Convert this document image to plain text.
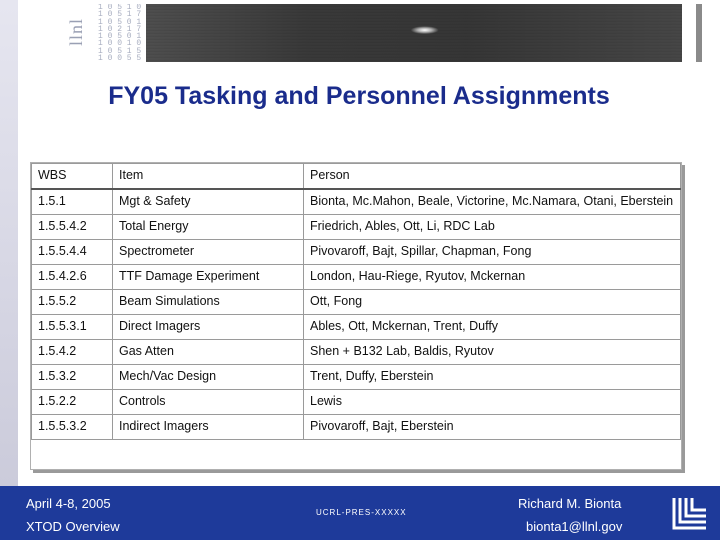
llnl
1 0 5 1 0
1 0 5 1 7
1 0 5 0 1
1 0 2 1 7
1 0 5 0 1
1 0 0 1 0
1 0 5 1 5
1 0 0 5 5
FY05 Tasking and Personnel Assignments
WBS	Item	Person
1.5.1	Mgt & Safety	Bionta, Mc.Mahon, Beale, Victorine, Mc.Namara, Otani, Eberstein
1.5.5.4.2	Total Energy	Friedrich, Ables, Ott, Li, RDC Lab
1.5.5.4.4	Spectrometer	Pivovaroff, Bajt, Spillar, Chapman, Fong
1.5.4.2.6	TTF Damage Experiment	London, Hau-Riege, Ryutov, Mckernan
1.5.5.2	Beam Simulations	Ott, Fong
1.5.5.3.1	Direct Imagers	Ables, Ott, Mckernan, Trent, Duffy
1.5.4.2	Gas Atten	Shen + B132 Lab, Baldis, Ryutov
1.5.3.2	Mech/Vac Design	Trent, Duffy, Eberstein
1.5.2.2	Controls	Lewis
1.5.5.3.2	Indirect Imagers	Pivovaroff, Bajt, Eberstein
April 4-8, 2005
XTOD Overview
UCRL-PRES-XXXXX
Richard M. Bionta
bionta1@llnl.gov
